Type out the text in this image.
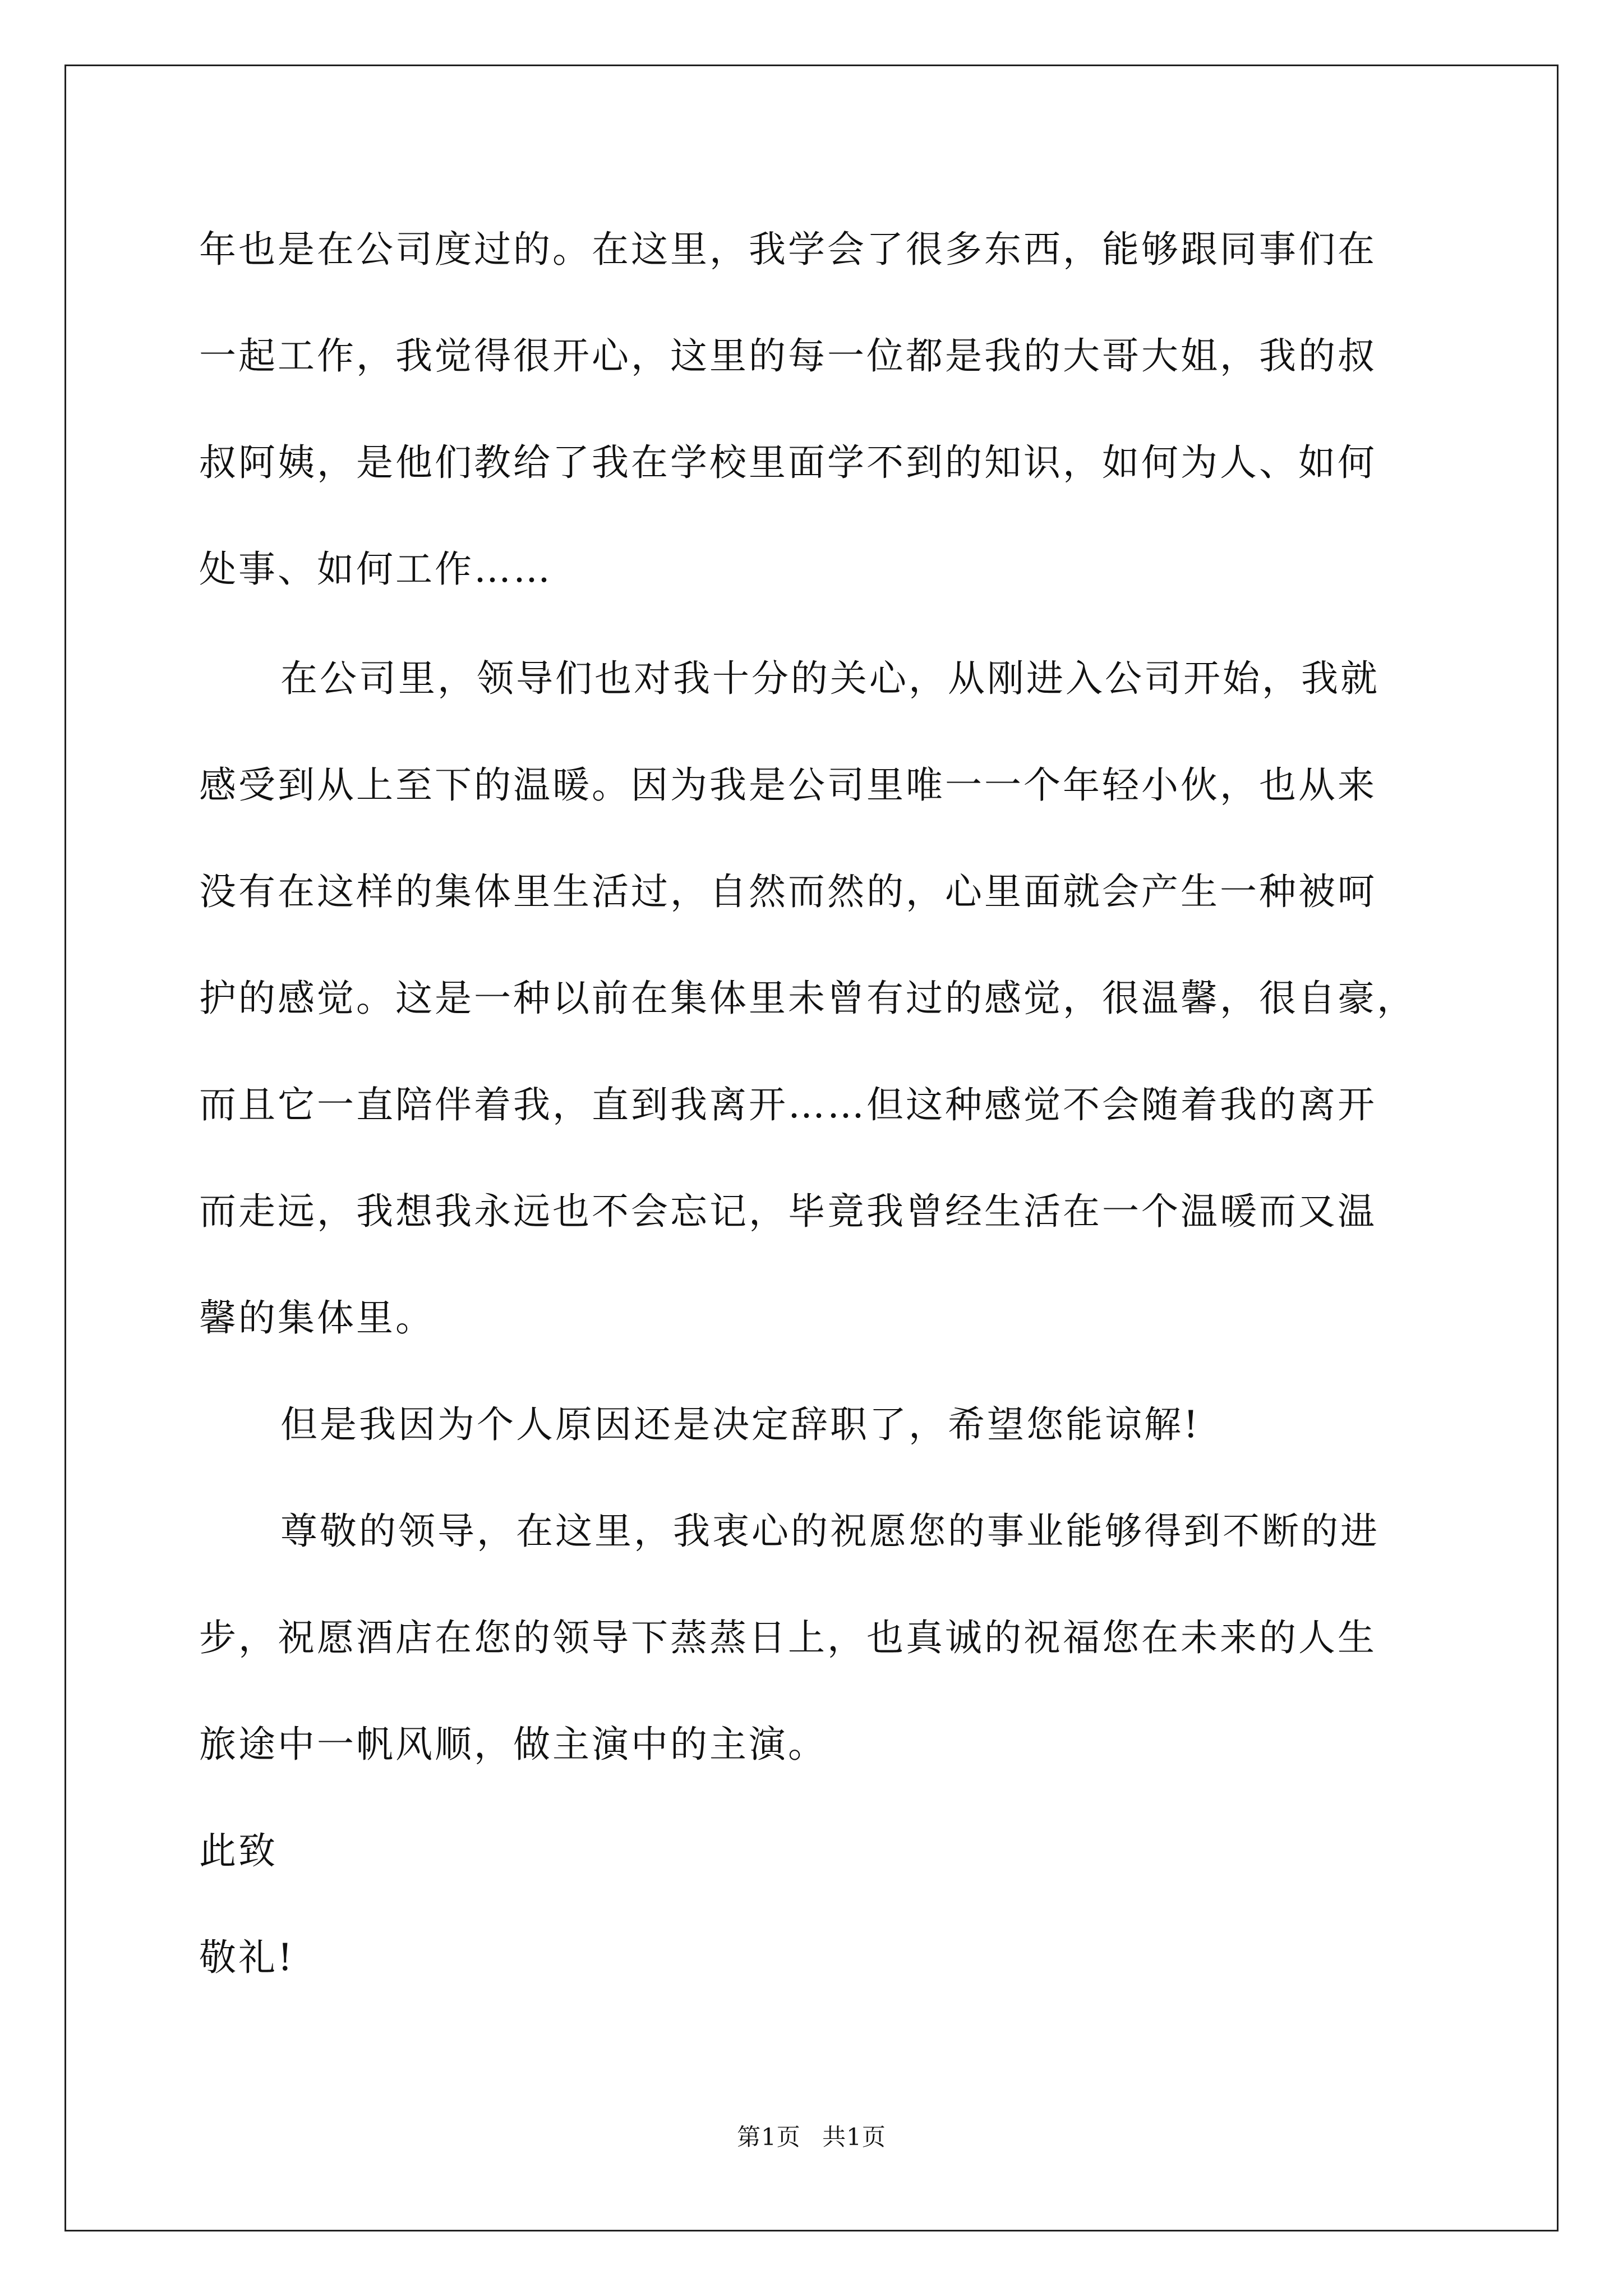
年也是在公司度过的。在这里，我学会了很多东西，能够跟同事们在
一起工作，我觉得很开心，这里的每一位都是我的大哥大姐，我的叔
叔阿姨，是他们教给了我在学校里面学不到的知识，如何为人、如何
处事、如何工作……
在公司里，领导们也对我十分的关心，从刚进入公司开始，我就
感受到从上至下的温暖。因为我是公司里唯一一个年轻小伙，也从来
没有在这样的集体里生活过，自然而然的，心里面就会产生一种被呵
护的感觉。这是一种以前在集体里未曾有过的感觉，很温馨，很自豪，
而且它一直陪伴着我，直到我离开……但这种感觉不会随着我的离开
而走远，我想我永远也不会忘记，毕竟我曾经生活在一个温暖而又温
馨的集体里。
但是我因为个人原因还是决定辞职了，希望您能谅解!
尊敬的领导，在这里，我衷心的祝愿您的事业能够得到不断的进
步，祝愿酒店在您的领导下蒸蒸日上，也真诚的祝福您在未来的人生
旅途中一帆风顺，做主演中的主演。
此致
敬礼!
第1页 共1页
